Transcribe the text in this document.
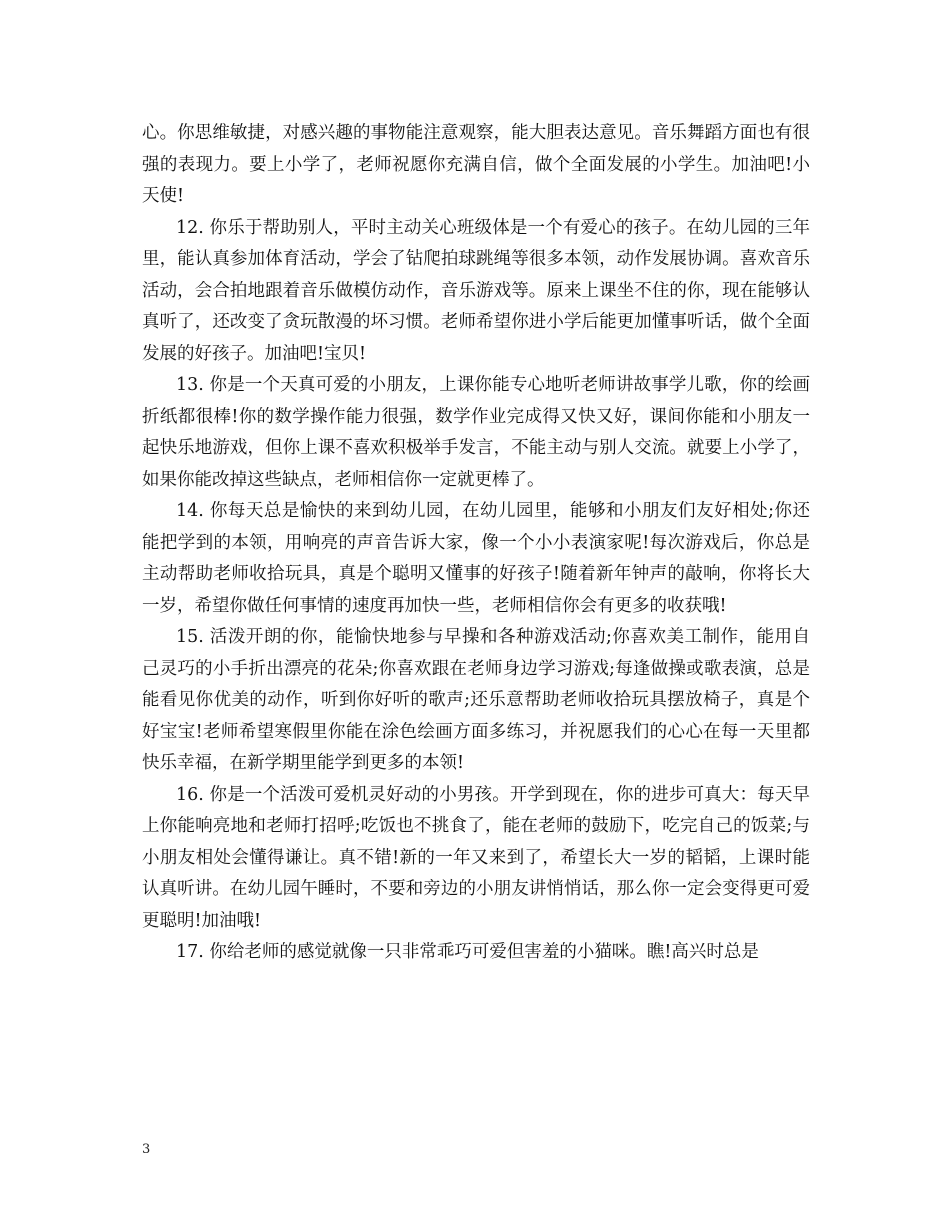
心。你思维敏捷，对感兴趣的事物能注意观察，能大胆表达意见。音乐舞蹈方面也有很强的表现力。要上小学了，老师祝愿你充满自信，做个全面发展的小学生。加油吧!小天使!

12. 你乐于帮助别人，平时主动关心班级体是一个有爱心的孩子。在幼儿园的三年里，能认真参加体育活动，学会了钻爬拍球跳绳等很多本领，动作发展协调。喜欢音乐活动，会合拍地跟着音乐做模仿动作，音乐游戏等。原来上课坐不住的你，现在能够认真听了，还改变了贪玩散漫的坏习惯。老师希望你进小学后能更加懂事听话，做个全面发展的好孩子。加油吧!宝贝!

13. 你是一个天真可爱的小朋友，上课你能专心地听老师讲故事学儿歌，你的绘画折纸都很棒!你的数学操作能力很强，数学作业完成得又快又好，课间你能和小朋友一起快乐地游戏，但你上课不喜欢积极举手发言，不能主动与别人交流。就要上小学了，如果你能改掉这些缺点，老师相信你一定就更棒了。

14. 你每天总是愉快的来到幼儿园，在幼儿园里，能够和小朋友们友好相处;你还能把学到的本领，用响亮的声音告诉大家，像一个小小表演家呢!每次游戏后，你总是主动帮助老师收拾玩具，真是个聪明又懂事的好孩子!随着新年钟声的敲响，你将长大一岁，希望你做任何事情的速度再加快一些，老师相信你会有更多的收获哦!

15. 活泼开朗的你，能愉快地参与早操和各种游戏活动;你喜欢美工制作，能用自己灵巧的小手折出漂亮的花朵;你喜欢跟在老师身边学习游戏;每逢做操或歌表演，总是能看见你优美的动作，听到你好听的歌声;还乐意帮助老师收拾玩具摆放椅子，真是个好宝宝!老师希望寒假里你能在涂色绘画方面多练习，并祝愿我们的心心在每一天里都快乐幸福，在新学期里能学到更多的本领!

16. 你是一个活泼可爱机灵好动的小男孩。开学到现在，你的进步可真大：每天早上你能响亮地和老师打招呼;吃饭也不挑食了，能在老师的鼓励下，吃完自己的饭菜;与小朋友相处会懂得谦让。真不错!新的一年又来到了，希望长大一岁的韬韬，上课时能认真听讲。在幼儿园午睡时，不要和旁边的小朋友讲悄悄话，那么你一定会变得更可爱更聪明!加油哦!

17. 你给老师的感觉就像一只非常乖巧可爱但害羞的小猫咪。瞧!高兴时总是

3
